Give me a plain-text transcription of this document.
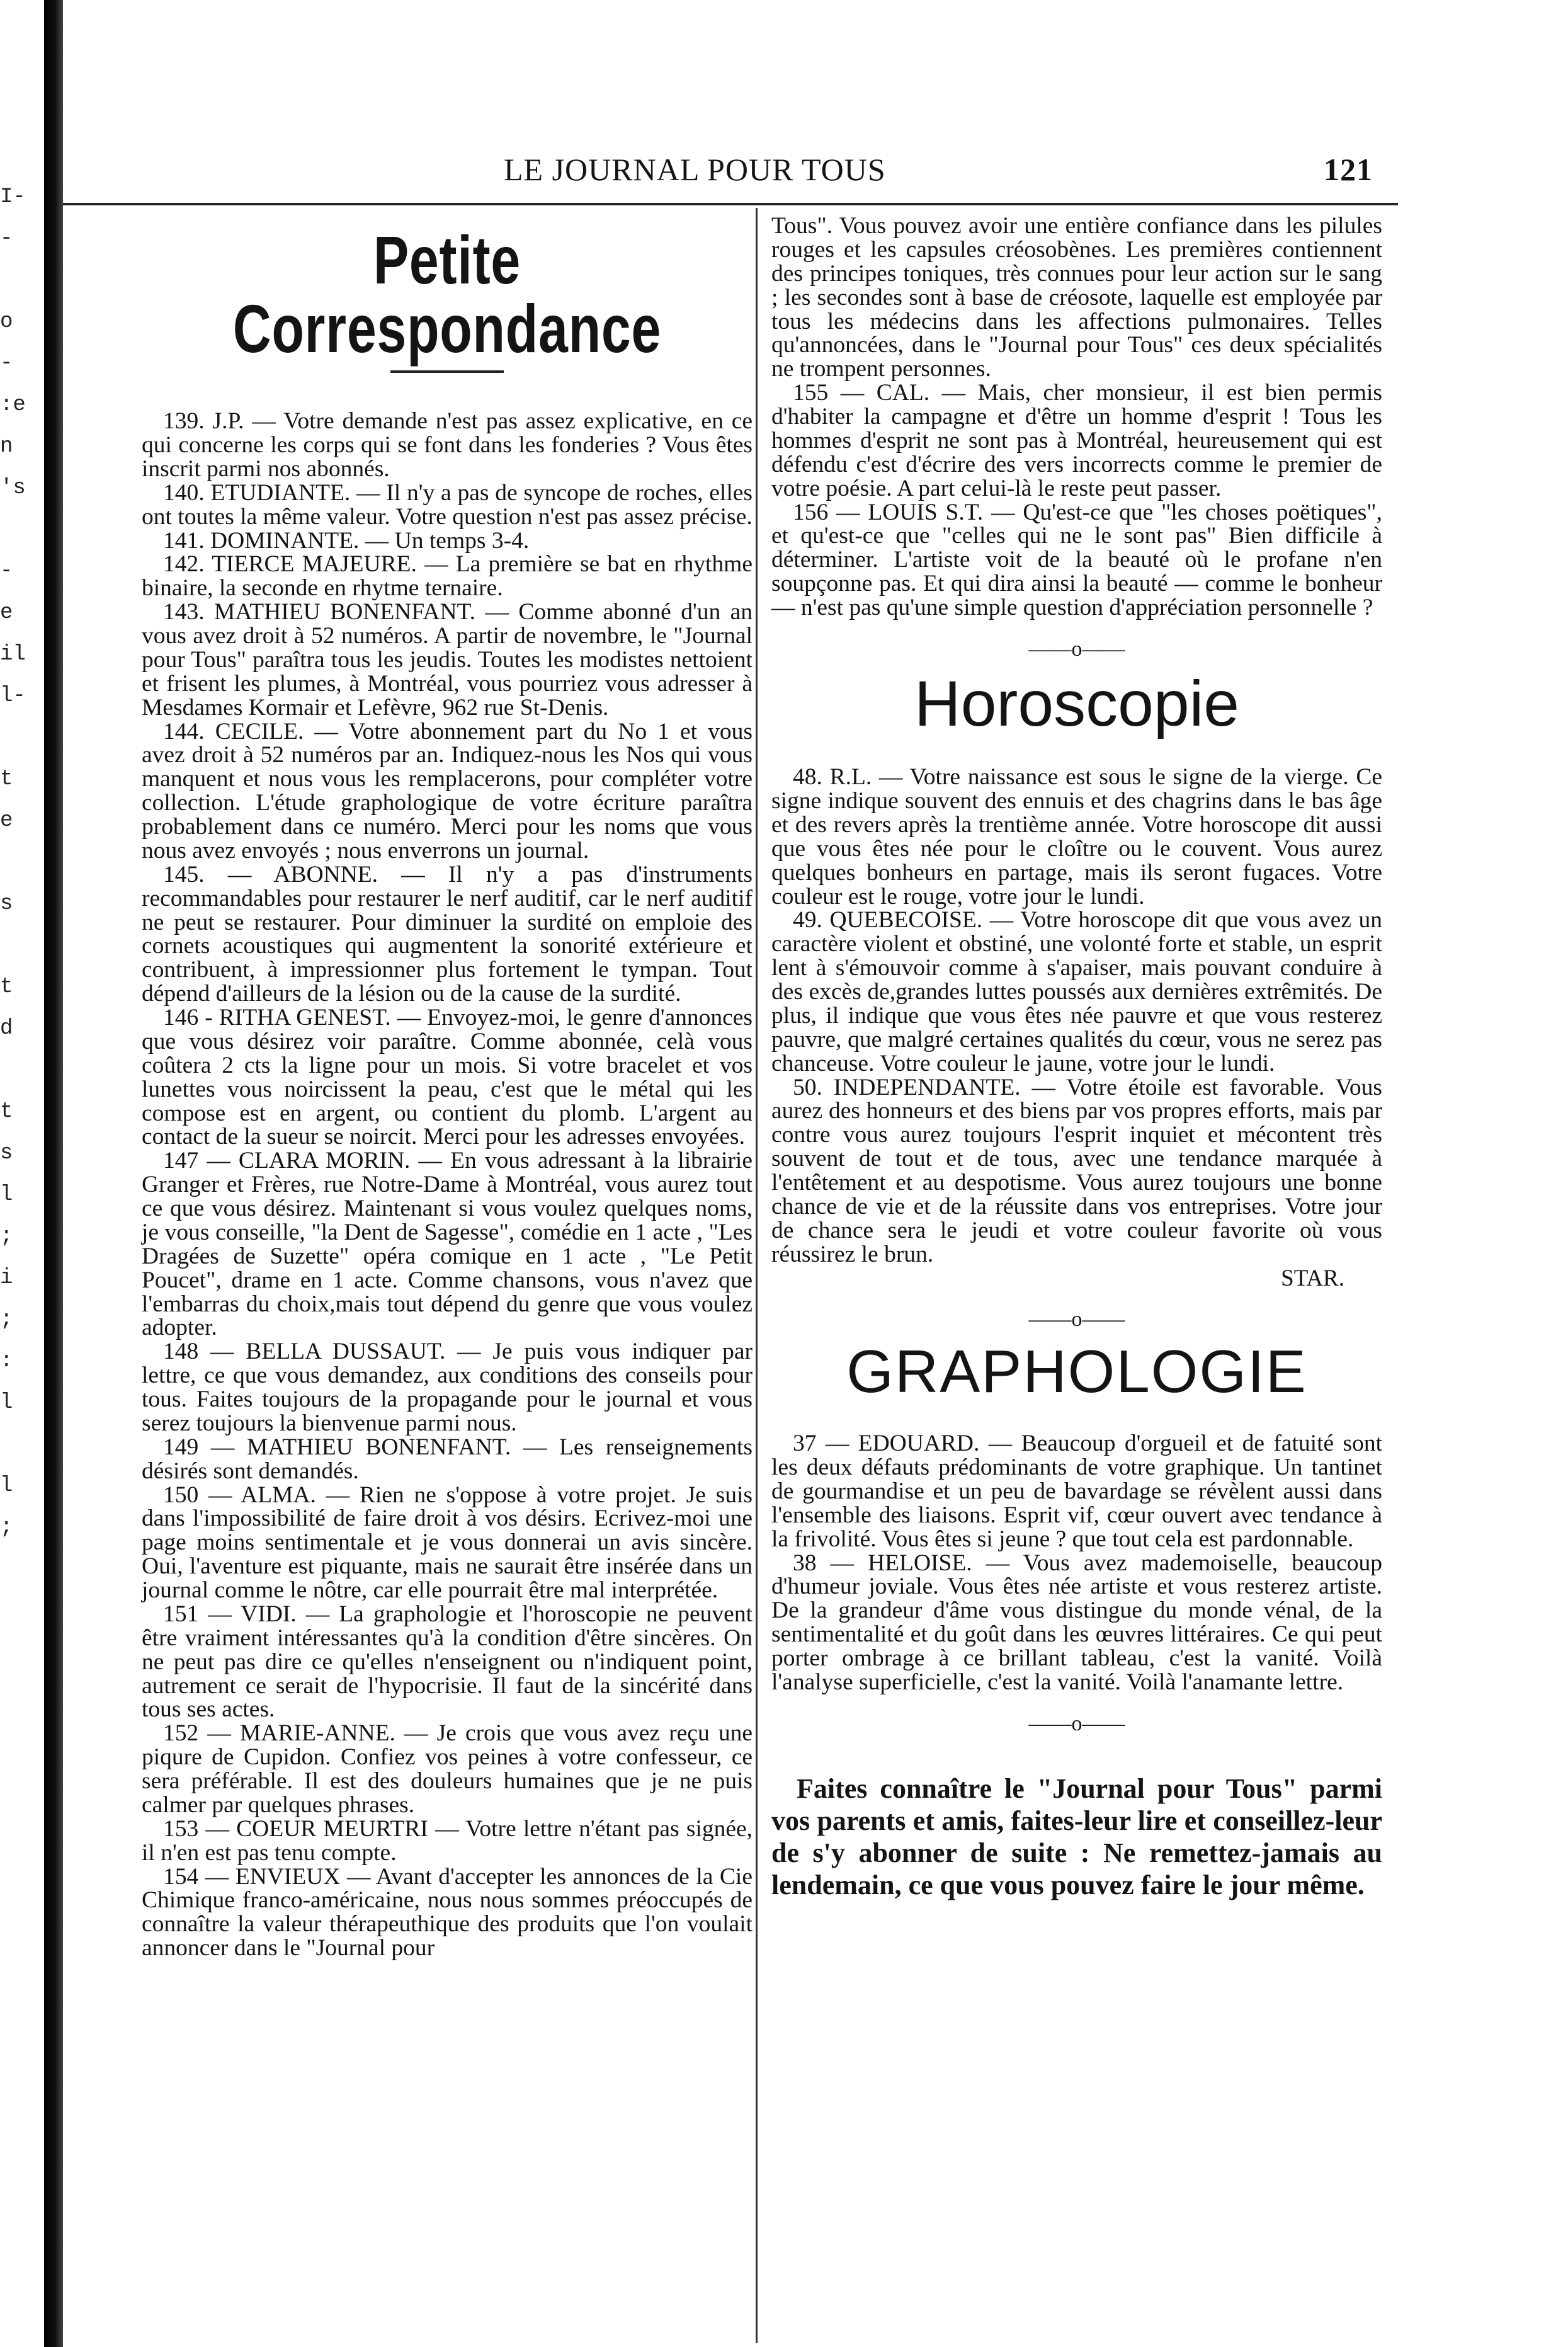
I-
-

o
-
:e
n
's

-
e
il
l-

t
e

s

t
d

t
s
l
;
i
;
:
l

l
;
LE JOURNAL POUR TOUS	121
Petite Correspondance

139. J.P. — Votre demande n'est pas assez explicative, en ce qui concerne les corps qui se font dans les fonderies ? Vous êtes inscrit parmi nos abonnés.

140. ETUDIANTE. — Il n'y a pas de syncope de roches, elles ont toutes la même valeur. Votre question n'est pas assez précise.

141. DOMINANTE. — Un temps 3-4.

142. TIERCE MAJEURE. — La première se bat en rhythme binaire, la seconde en rhytme ternaire.

143. MATHIEU BONENFANT. — Comme abonné d'un an vous avez droit à 52 numéros. A partir de novembre, le "Journal pour Tous" paraîtra tous les jeudis. Toutes les modistes nettoient et frisent les plumes, à Montréal, vous pourriez vous adresser à Mesdames Kormair et Lefèvre, 962 rue St-Denis.

144. CECILE. — Votre abonnement part du No 1 et vous avez droit à 52 numéros par an. Indiquez-nous les Nos qui vous manquent et nous vous les remplacerons, pour compléter votre collection. L'étude graphologique de votre écriture paraîtra probablement dans ce numéro. Merci pour les noms que vous nous avez envoyés ; nous enverrons un journal.

145. — ABONNE. — Il n'y a pas d'instruments recommandables pour restaurer le nerf auditif, car le nerf auditif ne peut se restaurer. Pour diminuer la surdité on emploie des cornets acoustiques qui augmentent la sonorité extérieure et contribuent, à impressionner plus fortement le tympan. Tout dépend d'ailleurs de la lésion ou de la cause de la surdité.

146 - RITHA GENEST. — Envoyez-moi, le genre d'annonces que vous désirez voir paraître. Comme abonnée, celà vous coûtera 2 cts la ligne pour un mois. Si votre bracelet et vos lunettes vous noircissent la peau, c'est que le métal qui les compose est en argent, ou contient du plomb. L'argent au contact de la sueur se noircit. Merci pour les adresses envoyées.

147 — CLARA MORIN. — En vous adressant à la librairie Granger et Frères, rue Notre-Dame à Montréal, vous aurez tout ce que vous désirez. Maintenant si vous voulez quelques noms, je vous conseille, "la Dent de Sagesse", comédie en 1 acte , "Les Dragées de Suzette" opéra comique en 1 acte , "Le Petit Poucet", drame en 1 acte. Comme chansons, vous n'avez que l'embarras du choix,mais tout dépend du genre que vous voulez adopter.

148 — BELLA DUSSAUT. — Je puis vous indiquer par lettre, ce que vous demandez, aux conditions des conseils pour tous. Faites toujours de la propagande pour le journal et vous serez toujours la bienvenue parmi nous.

149 — MATHIEU BONENFANT. — Les renseignements désirés sont demandés.

150 — ALMA. — Rien ne s'oppose à votre projet. Je suis dans l'impossibilité de faire droit à vos désirs. Ecrivez-moi une page moins sentimentale et je vous donnerai un avis sincère. Oui, l'aventure est piquante, mais ne saurait être insérée dans un journal comme le nôtre, car elle pourrait être mal interprétée.

151 — VIDI. — La graphologie et l'horoscopie ne peuvent être vraiment intéressantes qu'à la condition d'être sincères. On ne peut pas dire ce qu'elles n'enseignent ou n'indiquent point, autrement ce serait de l'hypocrisie. Il faut de la sincérité dans tous ses actes.

152 — MARIE-ANNE. — Je crois que vous avez reçu une piqure de Cupidon. Confiez vos peines à votre confesseur, ce sera préférable. Il est des douleurs humaines que je ne puis calmer par quelques phrases.

153 — COEUR MEURTRI — Votre lettre n'étant pas signée, il n'en est pas tenu compte.

154 — ENVIEUX — Avant d'accepter les annonces de la Cie Chimique franco-américaine, nous nous sommes préoccupés de connaître la valeur thérapeuthique des produits que l'on voulait annoncer dans le "Journal pour

Tous". Vous pouvez avoir une entière confiance dans les pilules rouges et les capsules créosobènes. Les premières contiennent des principes toniques, très connues pour leur action sur le sang ; les secondes sont à base de créosote, laquelle est employée par tous les médecins dans les affections pulmonaires. Telles qu'annoncées, dans le "Journal pour Tous" ces deux spécialités ne trompent personnes.

155 — CAL. — Mais, cher monsieur, il est bien permis d'habiter la campagne et d'être un homme d'esprit ! Tous les hommes d'esprit ne sont pas à Montréal, heureusement qui est défendu c'est d'écrire des vers incorrects comme le premier de votre poésie. A part celui-là le reste peut passer.

156 — LOUIS S.T. — Qu'est-ce que "les choses poëtiques", et qu'est-ce que "celles qui ne le sont pas" Bien difficile à déterminer. L'artiste voit de la beauté où le profane n'en soupçonne pas. Et qui dira ainsi la beauté — comme le bonheur — n'est pas qu'une simple question d'appréciation personnelle ?

——o——
Horoscopie

48. R.L. — Votre naissance est sous le signe de la vierge. Ce signe indique souvent des ennuis et des chagrins dans le bas âge et des revers après la trentième année. Votre horoscope dit aussi que vous êtes née pour le cloître ou le couvent. Vous aurez quelques bonheurs en partage, mais ils seront fugaces. Votre couleur est le rouge, votre jour le lundi.

49. QUEBECOISE. — Votre horoscope dit que vous avez un caractère violent et obstiné, une volonté forte et stable, un esprit lent à s'émouvoir comme à s'apaiser, mais pouvant conduire à des excès de,grandes luttes poussés aux dernières extrêmités. De plus, il indique que vous êtes née pauvre et que vous resterez pauvre, que malgré certaines qualités du cœur, vous ne serez pas chanceuse. Votre couleur le jaune, votre jour le lundi.

50. INDEPENDANTE. — Votre étoile est favorable. Vous aurez des honneurs et des biens par vos propres efforts, mais par contre vous aurez toujours l'esprit inquiet et mécontent très souvent de tout et de tous, avec une tendance marquée à l'entêtement et au despotisme. Vous aurez toujours une bonne chance de vie et de la réussite dans vos entreprises. Votre jour de chance sera le jeudi et votre couleur favorite où vous réussirez le brun.

STAR.
——o——
GRAPHOLOGIE

37 — EDOUARD. — Beaucoup d'orgueil et de fatuité sont les deux défauts prédominants de votre graphique. Un tantinet de gourmandise et un peu de bavardage se révèlent aussi dans l'ensemble des liaisons. Esprit vif, cœur ouvert avec tendance à la frivolité. Vous êtes si jeune ? que tout cela est pardonnable.

38 — HELOISE. — Vous avez mademoiselle, beaucoup d'humeur joviale. Vous êtes née artiste et vous resterez artiste. De la grandeur d'âme vous distingue du monde vénal, de la sentimentalité et du goût dans les œuvres littéraires. Ce qui peut porter ombrage à ce brillant tableau, c'est la vanité. Voilà l'analyse superficielle, c'est la vanité. Voilà l'anamante lettre.

——o——

Faites connaître le "Journal pour Tous" parmi vos parents et amis, faites-leur lire et conseillez-leur de s'y abonner de suite : Ne remettez-jamais au lendemain, ce que vous pouvez faire le jour même.
